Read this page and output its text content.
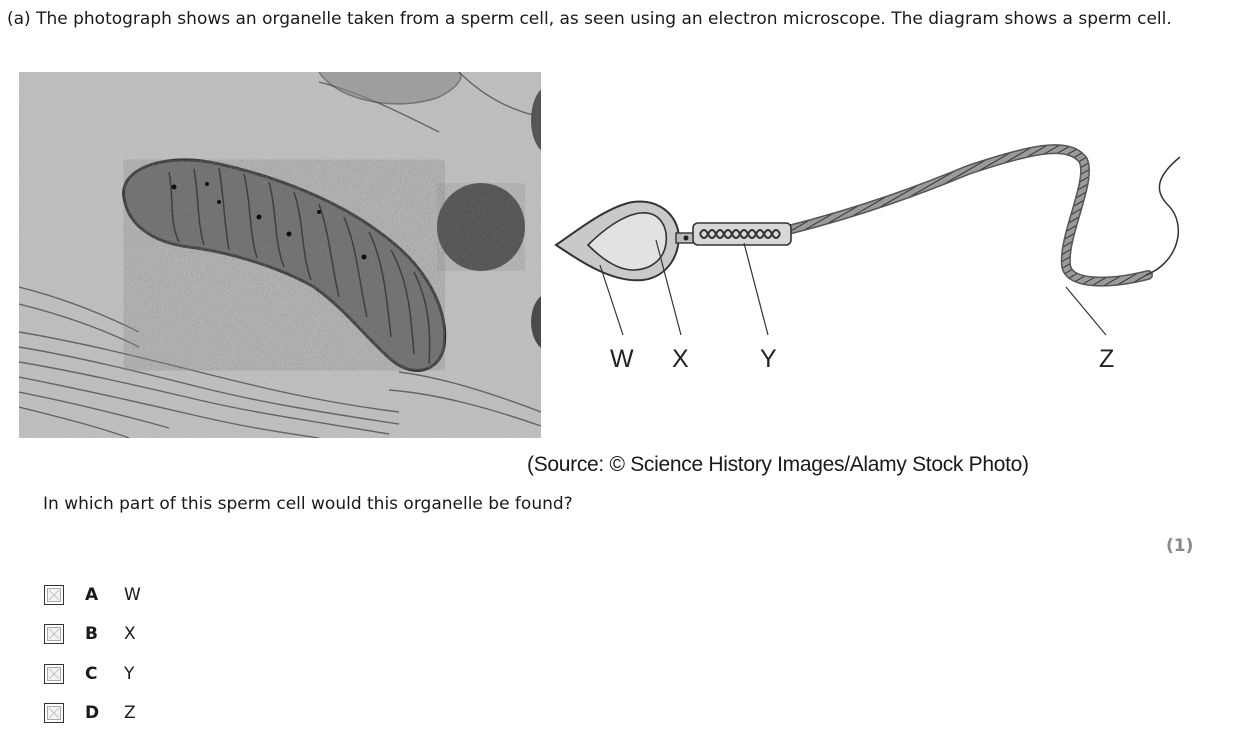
(a) The photograph shows an organelle taken from a sperm cell, as seen using an electron microscope. The diagram shows a sperm cell.
W X	Y	Z
(Source: © Science History Images/Alamy Stock Photo)
In which part of this sperm cell would this organelle be found?
(1)
A	W
B	X
C	Y
D	Z
